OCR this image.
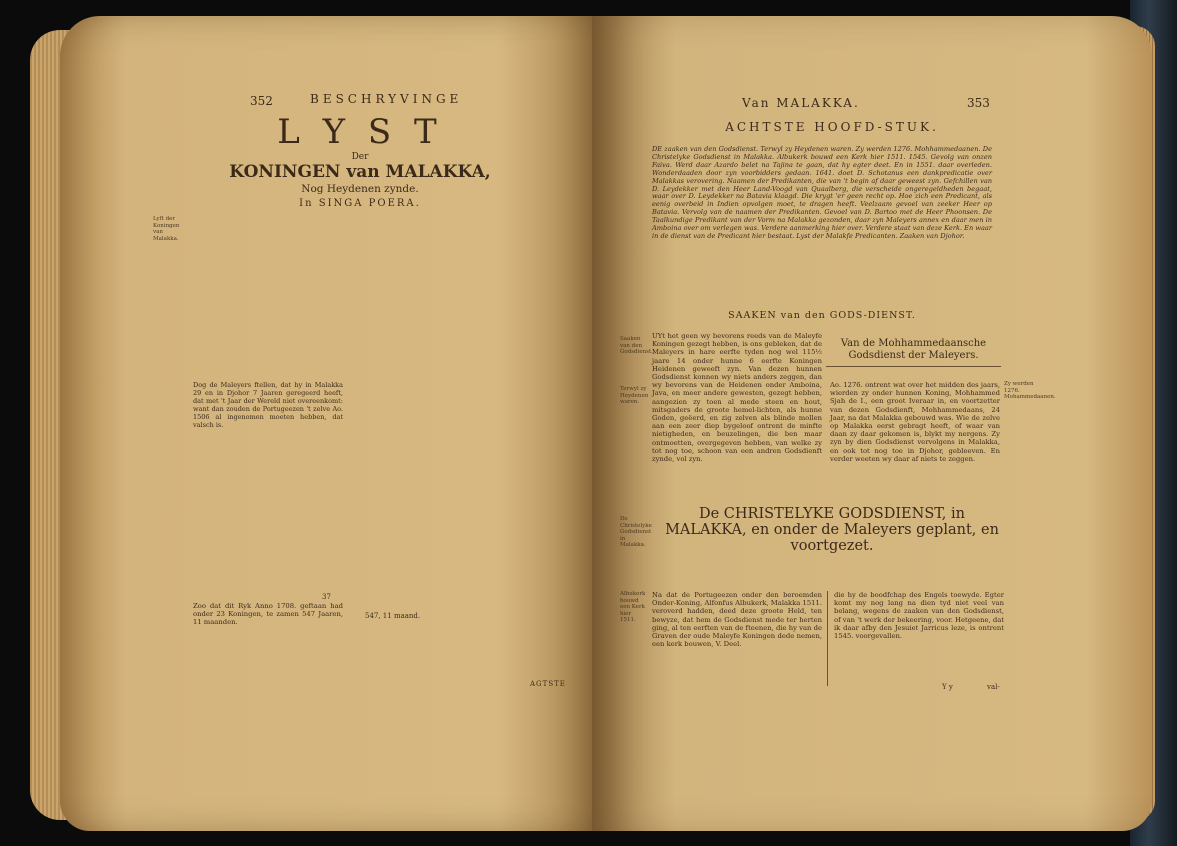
352	BESCHRYVINGE
L Y S T
Der
KONINGEN van MALAKKA,
Nog Heydenen zynde.
In SINGA POERA.
Lyft der Koningen van Malakka.
Dog de Maleyers ftellen, dat hy in Malakka 29 en in Djohor 7 Jaaren geregeerd heeft, dat met 't Jaar der Wereld niet overeenkomt: want dan zouden de Portugeezen 't zelve Ao. 1506 al ingenomen moeten hebben, dat valsch is.
37
Zoo dat dit Ryk Anno 1708. geftaan had onder 23 Koningen, te zamen 547 Jaaren, 11 maanden.
547, 11 maand.
AGTSTE
Van MALAKKA.	353
ACHTSTE HOOFD-STUK.
DE zaaken van den Godsdienst. Terwyl zy Heydenen waren. Zy werden 1276. Mohhammedaanen. De Christelyke Godsdienst in Malakka. Albukerk bouwd een Kerk hier 1511. 1545. Gevolg van onzen Faiva. Werd daar Azardo belet na Tajina te gaan, dat hy egter deet. En in 1551. daar overleden. Wonderdaaden door zyn voorbidders gedaan. 1641. doet D. Schotanus een dankpredicatie over Malakkas verovering. Naamen der Predikanten, die van 't begin af daar geweest zyn. Gefchillen van D. Leydekker met den Heer Land-Voogd van Quaalberg, die verscheide ongeregeldheden begaat, waar over D. Leydekker na Batavia klaagd. Die krygt 'er geen recht op. Hoe zich een Predicant, als eenig overbeid in Indien opvolgen moet, te dragen heeft. Veelzaam gevoel van zeeker Heer op Batavia. Vervolg van de naamen der Predikanten. Gevoel van D. Bartoo met de Heer Phoonsen. De Taalkundige Predikant van der Vorm na Malakka gezonden, daar zyn Maleyers annex en daar men in Amboina over om verlegen was. Verdere aanmerking hier over. Verdere staat van deze Kerk. En waar in de dienst van de Predicant hier bestaat. Lyst der Malakfe Predicanten. Zaaken van Djohor.
SAAKEN van den GODS-DIENST.
Saaken van den Godsdienst.
Terwyl zy Heydenen waren.
UYt het geen wy bevorens reeds van de Maleyfe Koningen gezegt hebben, is ons gebleken, dat de Maleyers in hare eerfte tyden nog wel 115½ jaare 14 onder hunne 6 eerfte Koningen Heidenen geweeft zyn. Van dezen hunnen Godsdienst konnen wy niets anders zeggen, dan wy bevorens van de Heidenen onder Amboina, Java, en meer andere gewesten, gezegt hebben, aangezien zy toen al mede steen en hout, mitsgaders de groote hemel-lichten, als hunne Goden, geëerd, en zig zelven als blinde mollen aan een zeer diep bygeloof ontrent de minfte nietigheden, en beuzelingen, die ben maar ontmoetten, overgegeven hebben, van welke zy tot nog toe, schoon van een andren Godsdienft zynde, vol zyn.
Van de Mohhammedaansche Godsdienst der Maleyers.
Ao. 1276. ontrent wat over het midden des jaars, wierden zy onder hunnen Koning, Mohhammed Sjah de I., een groot Iveraar in, en voortzetter van dezen Godsdienft, Mohhammedaans, 24 Jaar, na dat Malakka gebouwd was. Wie de zelve op Malakka eerst gebragt heeft, of waar van daan zy daar gekomen is, blykt my nergens. Zy zyn by dien Godsdienst vervolgens in Malakka, en ook tot nog toe in Djohor, gebleeven. En verder weeten wy daar af niets te zeggen.
Zy werden 1276. Mohammedaanen.
De CHRISTELYKE GODSDIENST, in MALAKKA, en onder de Maleyers geplant, en voortgezet.
De Christelyke Godsdienst in Malakka.
Albukerk bouwd een Kerk hier 1511.
Na dat de Portugeezen onder den beroemden Onder-Koning, Alfonfus Albukerk, Malakka 1511. veroverd hadden, deed deze groote Held, ten bewyze, dat hem de Godsdienst mede ter herten ging, al ten eerften van de fteenen, die hy van de Graven der oude Maleyfe Koningen dede nemen, een kerk bouwen, V. Deel.
die hy de boodfchap des Engels toewyde. Egter komt my nog lang na dien tyd niet veel van belang, wegens de zaaken van den Godsdienst, of van 't werk der bekeering, voor. Hetgeene, dat ik daar afby den Jesuiet Jarricus leze, is ontrent 1545. voorgevallen.
Y y	val-
